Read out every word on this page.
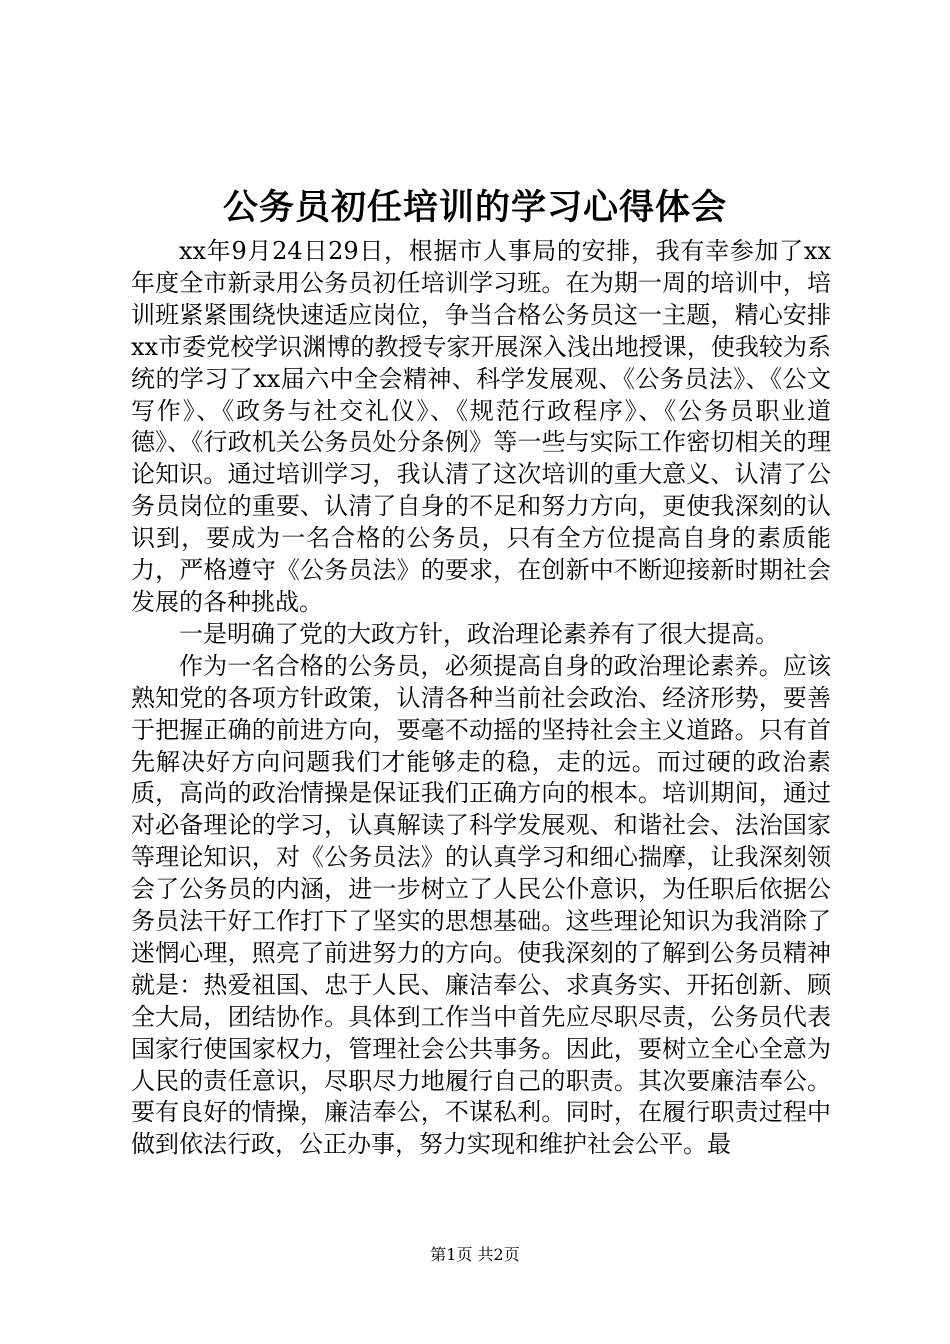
公务员初任培训的学习心得体会

xx年9月24日29日，根据市人事局的安排，我有幸参加了xx年度全市新录用公务员初任培训学习班。在为期一周的培训中，培训班紧紧围绕快速适应岗位，争当合格公务员这一主题，精心安排xx市委党校学识渊博的教授专家开展深入浅出地授课，使我较为系统的学习了xx届六中全会精神、科学发展观、《公务员法》、《公文写作》、《政务与社交礼仪》、《规范行政程序》、《公务员职业道德》、《行政机关公务员处分条例》等一些与实际工作密切相关的理论知识。通过培训学习，我认清了这次培训的重大意义、认清了公务员岗位的重要、认清了自身的不足和努力方向，更使我深刻的认识到，要成为一名合格的公务员，只有全方位提高自身的素质能力，严格遵守《公务员法》的要求，在创新中不断迎接新时期社会发展的各种挑战。

一是明确了党的大政方针，政治理论素养有了很大提高。

作为一名合格的公务员，必须提高自身的政治理论素养。应该熟知党的各项方针政策，认清各种当前社会政治、经济形势，要善于把握正确的前进方向，要毫不动摇的坚持社会主义道路。只有首先解决好方向问题我们才能够走的稳，走的远。而过硬的政治素质，高尚的政治情操是保证我们正确方向的根本。培训期间，通过对必备理论的学习，认真解读了科学发展观、和谐社会、法治国家等理论知识，对《公务员法》的认真学习和细心揣摩，让我深刻领会了公务员的内涵，进一步树立了人民公仆意识，为任职后依据公务员法干好工作打下了坚实的思想基础。这些理论知识为我消除了迷惘心理，照亮了前进努力的方向。使我深刻的了解到公务员精神就是：热爱祖国、忠于人民、廉洁奉公、求真务实、开拓创新、顾全大局，团结协作。具体到工作当中首先应尽职尽责，公务员代表国家行使国家权力，管理社会公共事务。因此，要树立全心全意为人民的责任意识，尽职尽力地履行自己的职责。其次要廉洁奉公。要有良好的情操，廉洁奉公，不谋私利。同时，在履行职责过程中做到依法行政，公正办事，努力实现和维护社会公平。最

第1页 共2页
